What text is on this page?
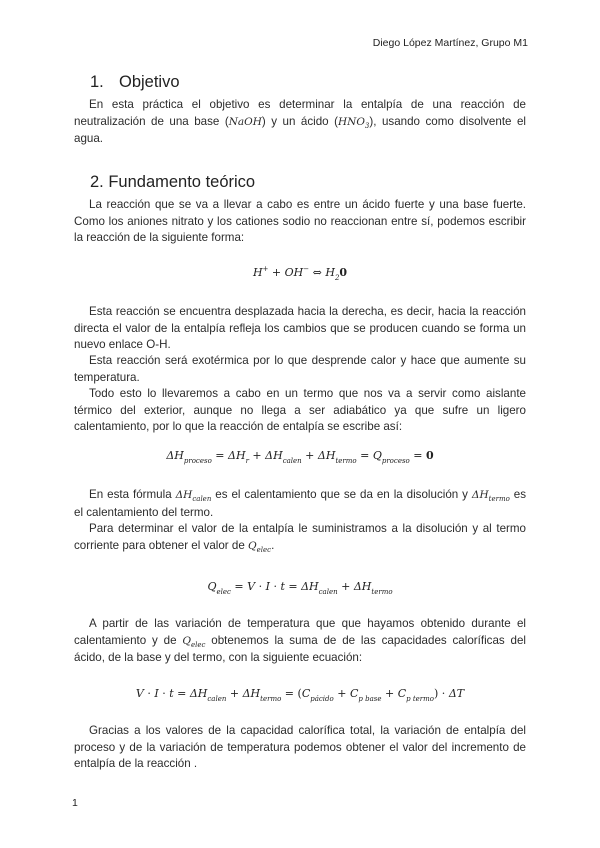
Diego López Martínez, Grupo M1
1. Objetivo

En esta práctica el objetivo es determinar la entalpía de una reacción de neutralización de una base (NaOH) y un ácido $(HNO_3)$, usando como disolvente el agua.

2. Fundamento teórico

La reacción que se va a llevar a cabo es entre un ácido fuerte y una base fuerte. Como los aniones nitrato y los cationes sodio no reaccionan entre sí, podemos escribir la reacción de la siguiente forma:

H+ + OH− ⇔ $H_20$

Esta reacción se encuentra desplazada hacia la derecha, es decir, hacia la reacción directa el valor de la entalpía refleja los cambios que se producen cuando se forma un nuevo enlace O-H.

Esta reacción será exotérmica por lo que desprende calor y hace que aumente su temperatura.

Todo esto lo llevaremos a cabo en un termo que nos va a servir como aislante térmico del exterior, aunque no llega a ser adiabático ya que sufre un ligero calentamiento, por lo que la reacción de entalpía se escribe así:

$\Delta H_{proceso} = \Delta H_r + \Delta H_{calen} + \Delta H_{termo} = Q_{proceso} = 0$

En esta fórmula $\Delta H_{calen}$ es el calentamiento que se da en la disolución y $\Delta H_{termo}$ es el calentamiento del termo.

Para determinar el valor de la entalpía le suministramos a la disolución y al termo corriente para obtener el valor de $Q_{elec}$.

$Q_{elec} = V \cdot I \cdot t = \Delta H_{calen} + \Delta H_{termo}$

A partir de las variación de temperatura que que hayamos obtenido durante el calentamiento y de $Q_{elec}$ obtenemos la suma de de las capacidades caloríficas del ácido, de la base y del termo, con la siguiente ecuación:

$V \cdot I \cdot t = \Delta H_{calen} + \Delta H_{termo} = (C_{pácido} + C_{p base} + C_{p termo}) \cdot \Delta T$

Gracias a los valores de la capacidad calorífica total, la variación de entalpía del proceso y de la variación de temperatura podemos obtener el valor del incremento de entalpía de la reacción .

1
